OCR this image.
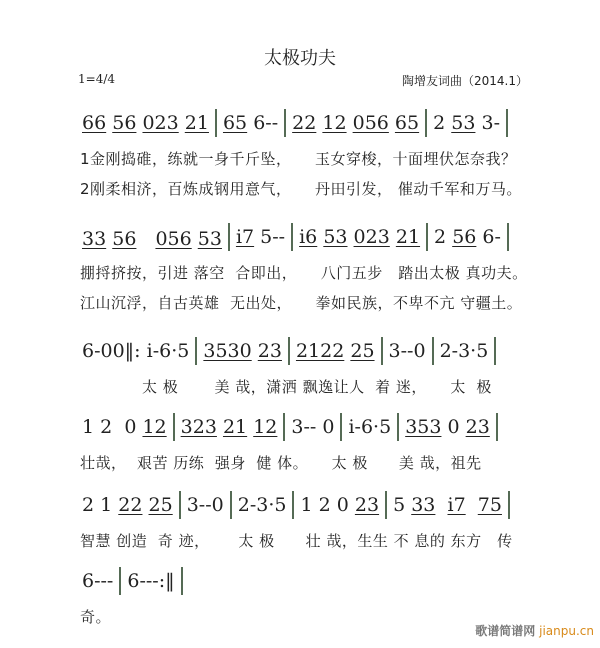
太极功夫
1=4/4	陶增友词曲（2014.1）
66 56 023 21 65 6-- 22 12 056 65 2 53 3-
1金刚捣碓，练就一身千斤坠，　　玉女穿梭，十面埋伏怎奈我？
2刚柔相济，百炼成钢用意气，　　丹田引发， 催动千军和万马。
33 56　 056 53 i7 5-- i6 53 023 21 2 56 6-
掤捋挤按，引进 落空  合即出，　　八门五步　踏出太极 真功夫。
江山沉浮，自古英雄  无出处，　　拳如民族，不卑不亢 守疆土。
6-00‖: i-6·5 3530 23 2122 25 3--0 2-3·5
　　　　太 极　　 美 哉，潇洒 飘逸让人  着 迷，　　太  极
1 2 0 12 323 21 12 3-- 0 i-6·5 353 0 23
壮哉，  艰苦 历练  强身  健 体。　　太 极　　美 哉，祖先
2 1 22 25 3--0 2-3·5 1 2 0 23 5 33 i7 75
智慧 创造  奇 迹，　　 太 极　　壮 哉，生生 不 息的 东方　传
6--- 6---:‖
奇。
歌谱简谱网 jianpu.cn
